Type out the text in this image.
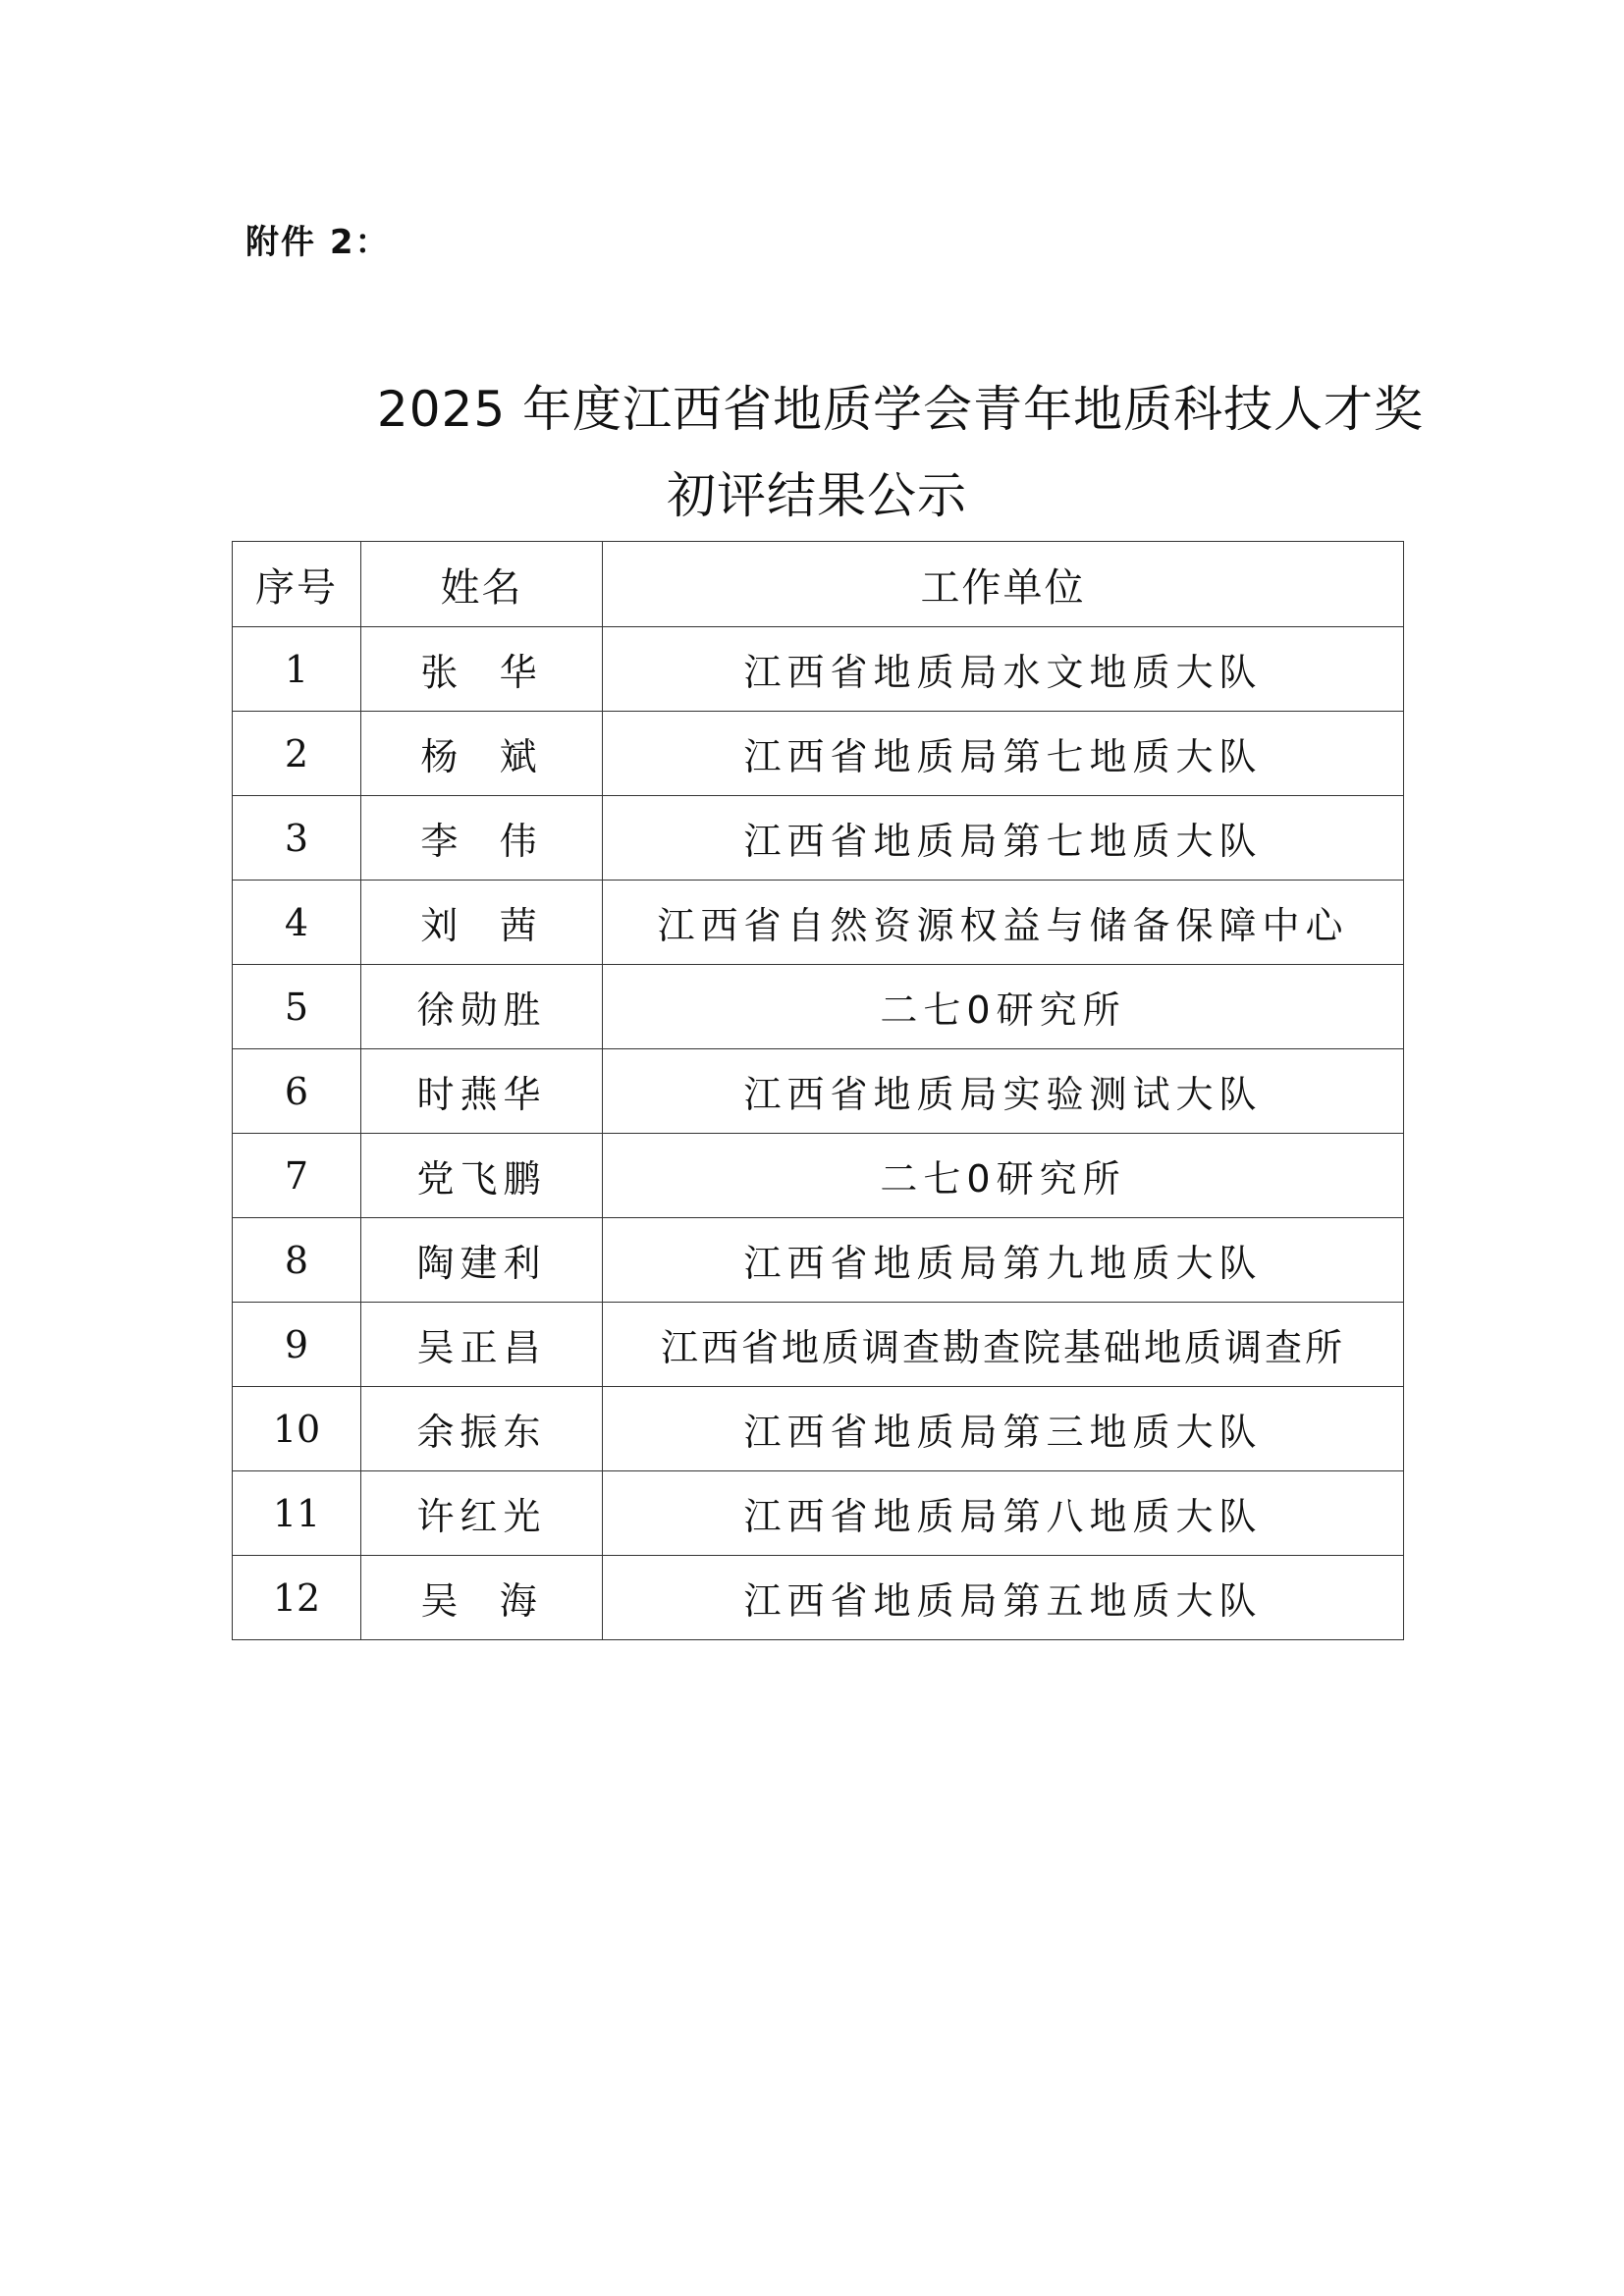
附件 2：
2025 年度江西省地质学会青年地质科技人才奖
初评结果公示
序号	姓名	工作单位
1	张  华	江西省地质局水文地质大队
2	杨  斌	江西省地质局第七地质大队
3	李  伟	江西省地质局第七地质大队
4	刘  茜	江西省自然资源权益与储备保障中心
5	徐勋胜	二七0研究所
6	时燕华	江西省地质局实验测试大队
7	党飞鹏	二七0研究所
8	陶建利	江西省地质局第九地质大队
9	吴正昌	江西省地质调查勘查院基础地质调查所
10	余振东	江西省地质局第三地质大队
11	许红光	江西省地质局第八地质大队
12	吴  海	江西省地质局第五地质大队
